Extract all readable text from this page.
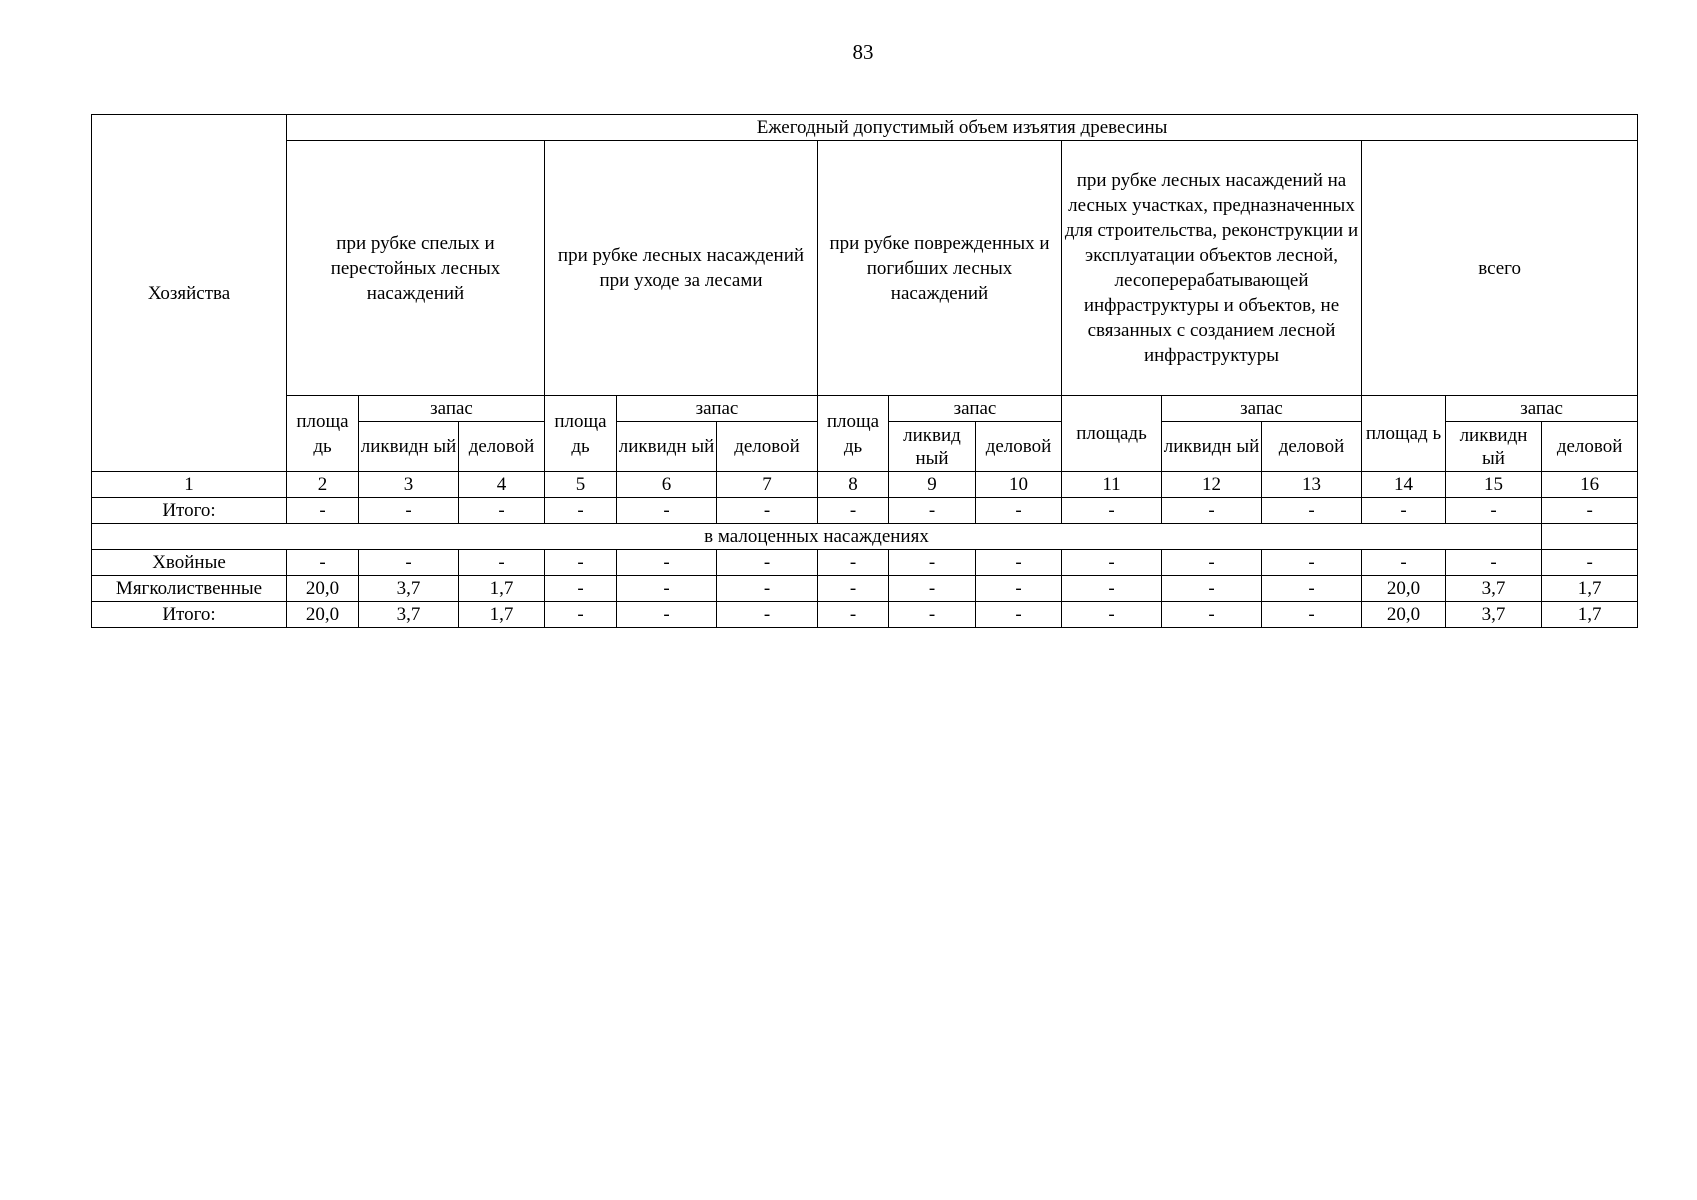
83
Хозяйства	Ежегодный допустимый объем изъятия древесины														
	при рубке спелых и перестойных лесных насаждений			при рубке лесных насаждений при уходе за лесами			при рубке поврежденных и погибших лесных насаждений			при рубке лесных насаждений на лесных участках, предназначенных для строительства, реконструкции и эксплуатации объектов лесной, лесоперерабатывающей инфраструктуры и объектов, не связанных с созданием лесной инфраструктуры			всего		
	площа дь	запас		площа дь	запас		площа дь	запас		площадь	запас		площад ь	запас	
		ликвидн ый	деловой		ликвидн ый	деловой		ликвид ный	деловой		ликвидн ый	деловой		ликвидн ый	деловой
1	2	3	4	5	6	7	8	9	10	11	12	13	14	15	16
Итого:	-	-	-	-	-	-	-	-	-	-	-	-	-	-	-
в малоценных насаждениях															
Хвойные	-	-	-	-	-	-	-	-	-	-	-	-	-	-	-
Мягколиственные	20,0	3,7	1,7	-	-	-	-	-	-	-	-	-	20,0	3,7	1,7
Итого:	20,0	3,7	1,7	-	-	-	-	-	-	-	-	-	20,0	3,7	1,7
